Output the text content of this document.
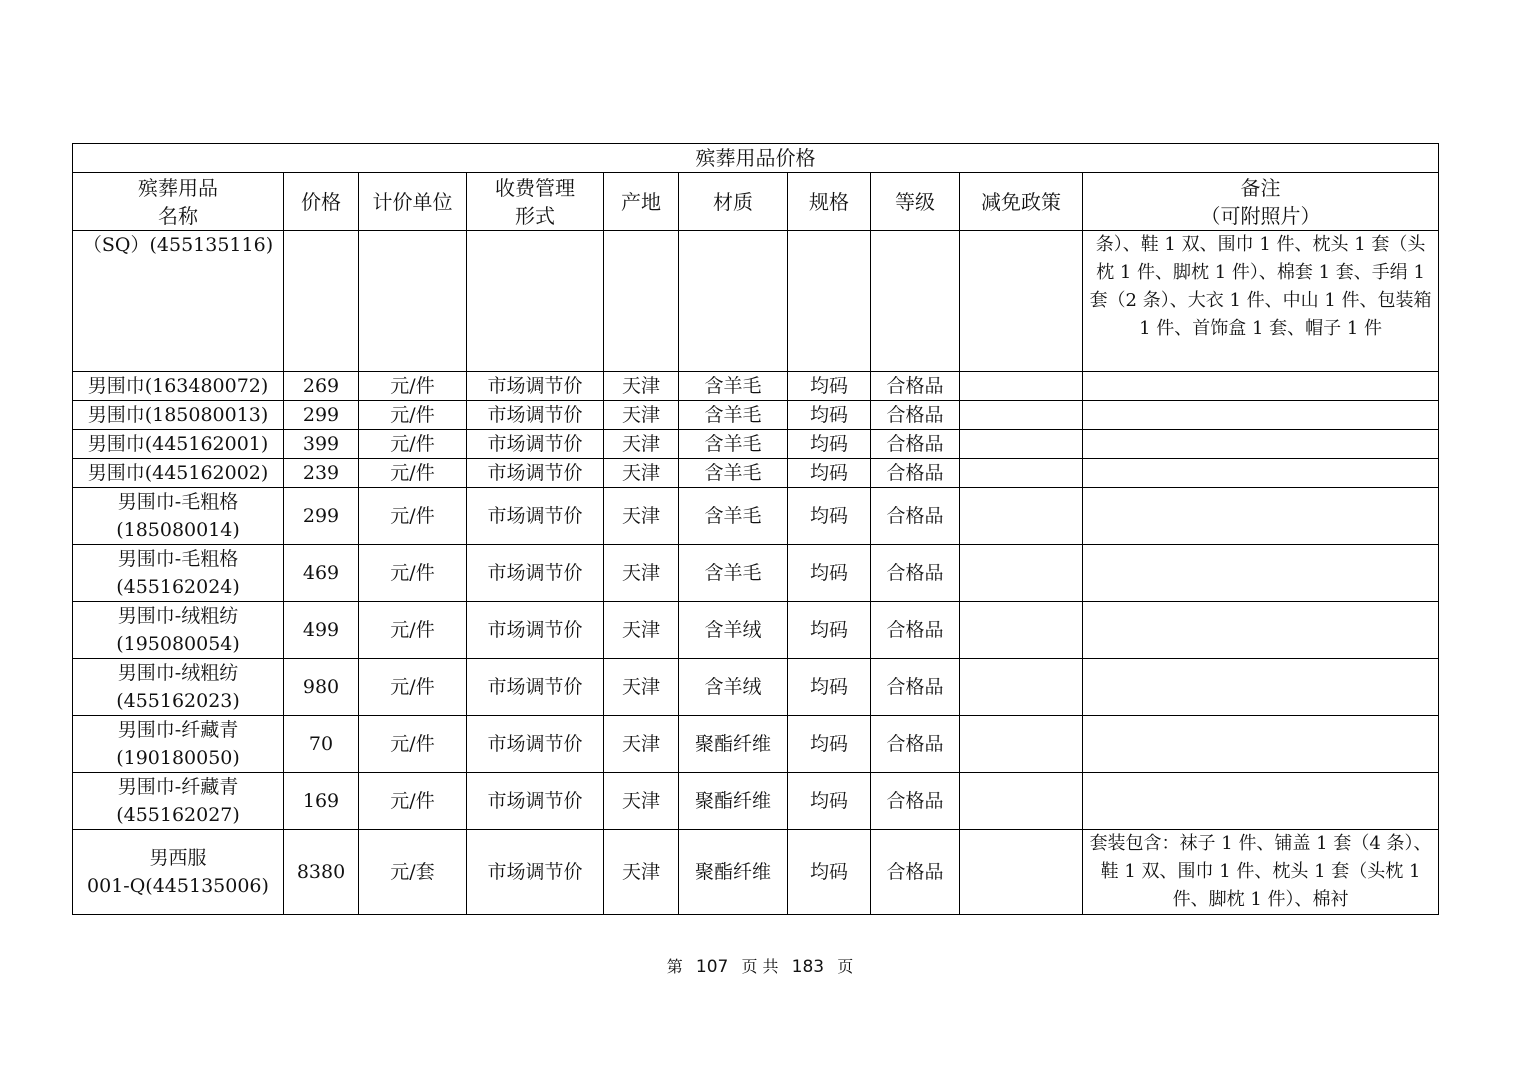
殡葬用品价格									
殡葬用品
名称	价格	计价单位	收费管理
形式	产地	材质	规格	等级	减免政策	备注
（可附照片）
（SQ）(455135116)									条）、鞋 1 双、围巾 1 件、枕头 1 套（头枕 1 件、脚枕 1 件）、棉套 1 套、手绢 1 套（2 条）、大衣 1 件、中山 1 件、包装箱 1 件、首饰盒 1 套、帽子 1 件
男围巾(163480072)	269	元/件	市场调节价	天津	含羊毛	均码	合格品		
男围巾(185080013)	299	元/件	市场调节价	天津	含羊毛	均码	合格品		
男围巾(445162001)	399	元/件	市场调节价	天津	含羊毛	均码	合格品		
男围巾(445162002)	239	元/件	市场调节价	天津	含羊毛	均码	合格品		
男围巾-毛粗格
(185080014)	299	元/件	市场调节价	天津	含羊毛	均码	合格品		
男围巾-毛粗格
(455162024)	469	元/件	市场调节价	天津	含羊毛	均码	合格品		
男围巾-绒粗纺
(195080054)	499	元/件	市场调节价	天津	含羊绒	均码	合格品		
男围巾-绒粗纺
(455162023)	980	元/件	市场调节价	天津	含羊绒	均码	合格品		
男围巾-纤藏青
(190180050)	70	元/件	市场调节价	天津	聚酯纤维	均码	合格品		
男围巾-纤藏青
(455162027)	169	元/件	市场调节价	天津	聚酯纤维	均码	合格品		
男西服
001-Q(445135006)	8380	元/套	市场调节价	天津	聚酯纤维	均码	合格品		套装包含：袜子 1 件、铺盖 1 套（4 条）、鞋 1 双、围巾 1 件、枕头 1 套（头枕 1 件、脚枕 1 件）、棉衬
第 107 页 共 183 页
